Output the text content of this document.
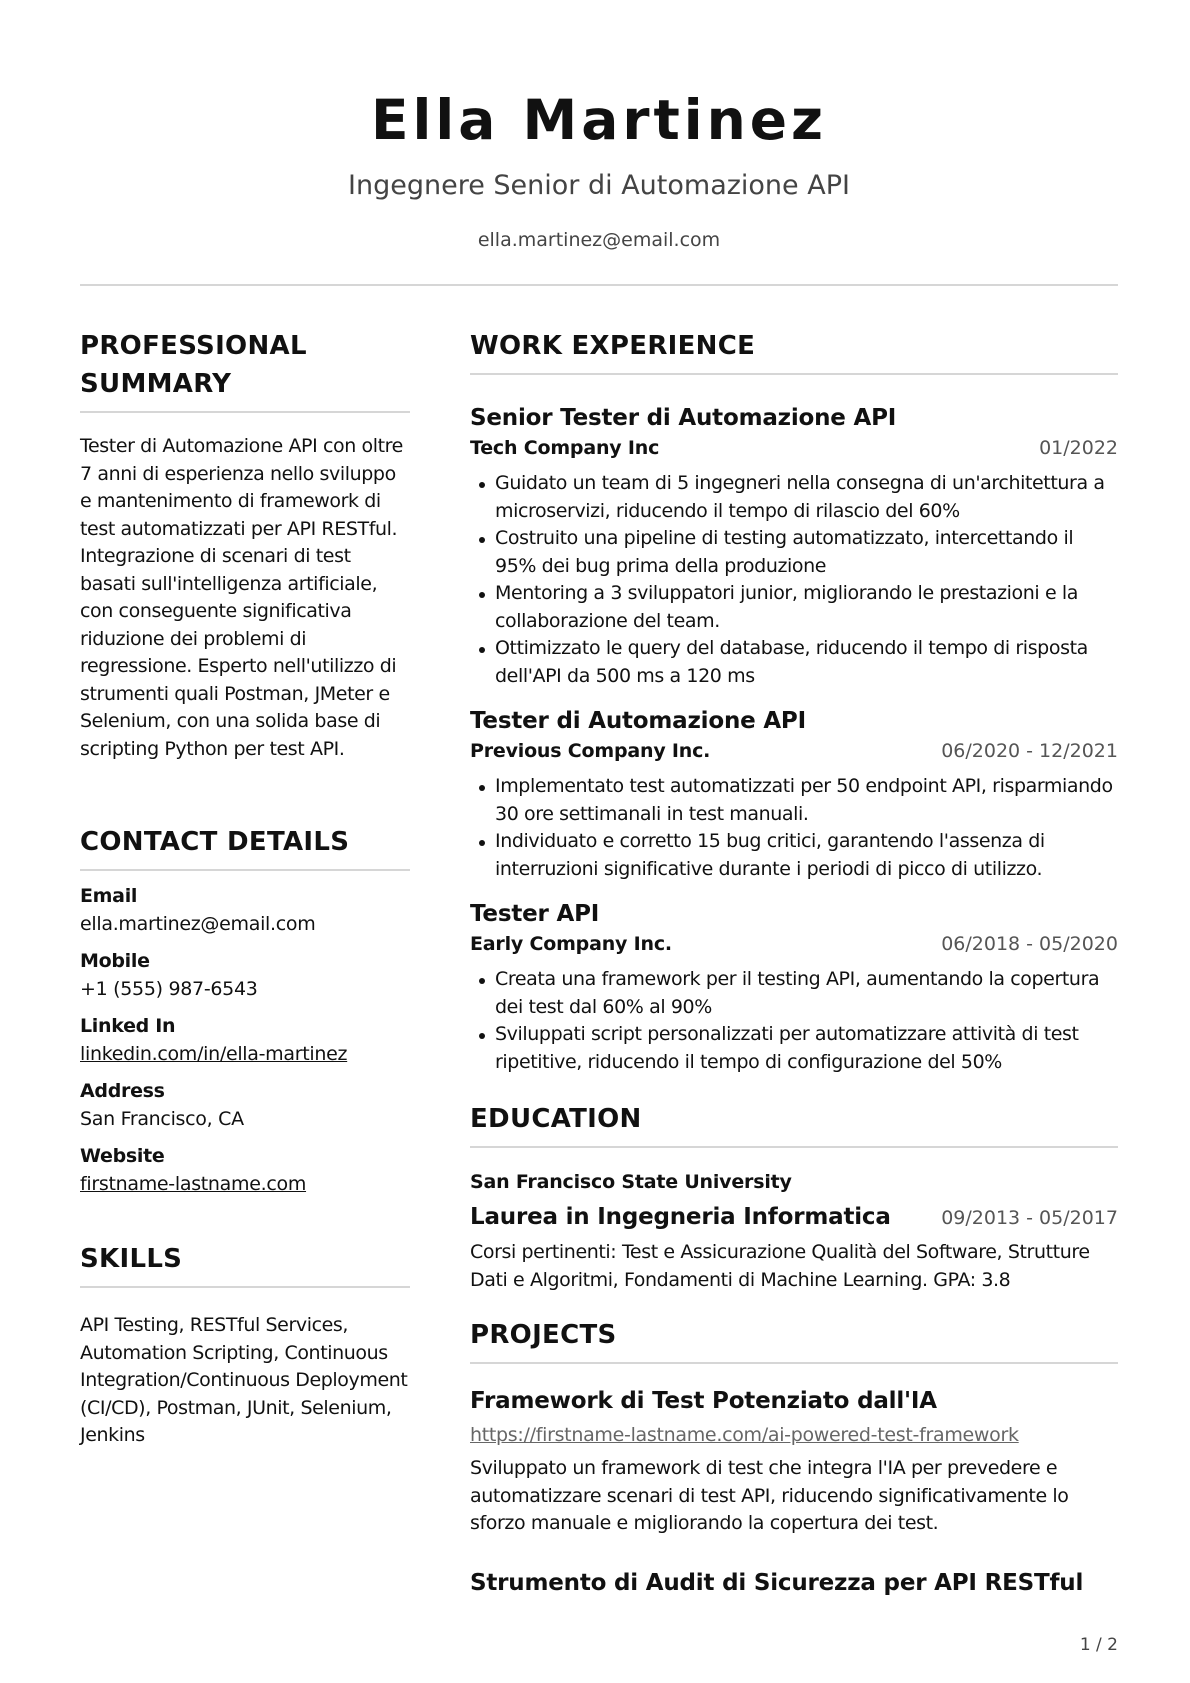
Ella Martinez
Ingegnere Senior di Automazione API
ella.martinez@email.com
PROFESSIONAL SUMMARY

Tester di Automazione API con oltre 7 anni di esperienza nello sviluppo e mantenimento di framework di test automatizzati per API RESTful. Integrazione di scenari di test basati sull'intelligenza artificiale, con conseguente significativa riduzione dei problemi di regressione. Esperto nell'utilizzo di strumenti quali Postman, JMeter e Selenium, con una solida base di scripting Python per test API.

CONTACT DETAILS
Email
ella.martinez@email.com
Mobile
+1 (555) 987-6543
Linked In
linkedin.com/in/ella-martinez
Address
San Francisco, CA
Website
firstname-lastname.com
SKILLS

API Testing, RESTful Services, Automation Scripting, Continuous Integration/Continuous Deployment (CI/CD), Postman, JUnit, Selenium, Jenkins

WORK EXPERIENCE
Senior Tester di Automazione API
Tech Company Inc	01/2022
Guidato un team di 5 ingegneri nella consegna di un'architettura a microservizi, riducendo il tempo di rilascio del 60%
Costruito una pipeline di testing automatizzato, intercettando il 95% dei bug prima della produzione
Mentoring a 3 sviluppatori junior, migliorando le prestazioni e la collaborazione del team.
Ottimizzato le query del database, riducendo il tempo di risposta dell'API da 500 ms a 120 ms
Tester di Automazione API
Previous Company Inc.	06/2020 - 12/2021
Implementato test automatizzati per 50 endpoint API, risparmiando 30 ore settimanali in test manuali.
Individuato e corretto 15 bug critici, garantendo l'assenza di interruzioni significative durante i periodi di picco di utilizzo.
Tester API
Early Company Inc.	06/2018 - 05/2020
Creata una framework per il testing API, aumentando la copertura dei test dal 60% al 90%
Sviluppati script personalizzati per automatizzare attività di test ripetitive, riducendo il tempo di configurazione del 50%
EDUCATION
San Francisco State University
Laurea in Ingegneria Informatica	09/2013 - 05/2017

Corsi pertinenti: Test e Assicurazione Qualità del Software, Strutture Dati e Algoritmi, Fondamenti di Machine Learning. GPA: 3.8

PROJECTS
Framework di Test Potenziato dall'IA
https://firstname-lastname.com/ai-powered-test-framework

Sviluppato un framework di test che integra l'IA per prevedere e automatizzare scenari di test API, riducendo significativamente lo sforzo manuale e migliorando la copertura dei test.

Strumento di Audit di Sicurezza per API RESTful
1 / 2
